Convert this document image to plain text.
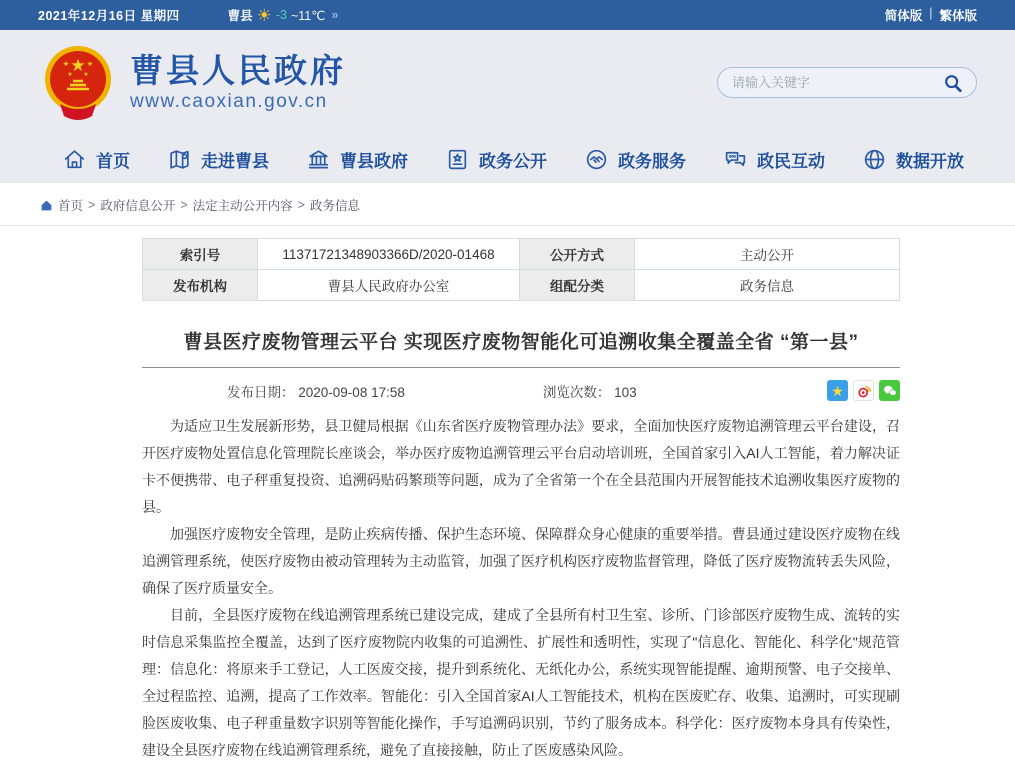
2021年12月16日 星期四	曹县 ☀ -3 ~11℃ »	简体版 | 繁体版
★
★	★
★ ★ 曹县人民政府
www.caoxian.gov.cn
请输入关键字
首页	走进曹县	曹县政府	政务公开	政务服务	政民互动	数据开放
首页 > 政府信息公开 > 法定主动公开内容 > 政务信息
索引号	11371721348903366D/2020-01468	公开方式	主动公开
发布机构	曹县人民政府办公室	组配分类	政务信息
曹县医疗废物管理云平台 实现医疗废物智能化可追溯收集全覆盖全省 “第一县”
发布日期： 2020-09-08 17:58	浏览次数： 103	★

为适应卫生发展新形势，县卫健局根据《山东省医疗废物管理办法》要求，全面加快医疗废物追溯管理云平台建设，召开医疗废物处置信息化管理院长座谈会，举办医疗废物追溯管理云平台启动培训班，全国首家引入AI人工智能，着力解决证卡不便携带、电子秤重复投资、追溯码贴码繁琐等问题，成为了全省第一个在全县范围内开展智能技术追溯收集医疗废物的县。

加强医疗废物安全管理，是防止疾病传播、保护生态环境、保障群众身心健康的重要举措。曹县通过建设医疗废物在线追溯管理系统，使医疗废物由被动管理转为主动监管，加强了医疗机构医疗废物监督管理，降低了医疗废物流转丢失风险，确保了医疗质量安全。

目前，全县医疗废物在线追溯管理系统已建设完成，建成了全县所有村卫生室、诊所、门诊部医疗废物生成、流转的实时信息采集监控全覆盖，达到了医疗废物院内收集的可追溯性、扩展性和透明性，实现了"信息化、智能化、科学化"规范管理：信息化：将原来手工登记，人工医废交接，提升到系统化、无纸化办公，系统实现智能提醒、逾期预警、电子交接单、全过程监控、追溯，提高了工作效率。智能化：引入全国首家AI人工智能技术，机构在医废贮存、收集、追溯时，可实现刷脸医废收集、电子秤重量数字识别等智能化操作，手写追溯码识别，节约了服务成本。科学化：医疗废物本身具有传染性，建设全县医疗废物在线追溯管理系统，避免了直接接触，防止了医废感染风险。
